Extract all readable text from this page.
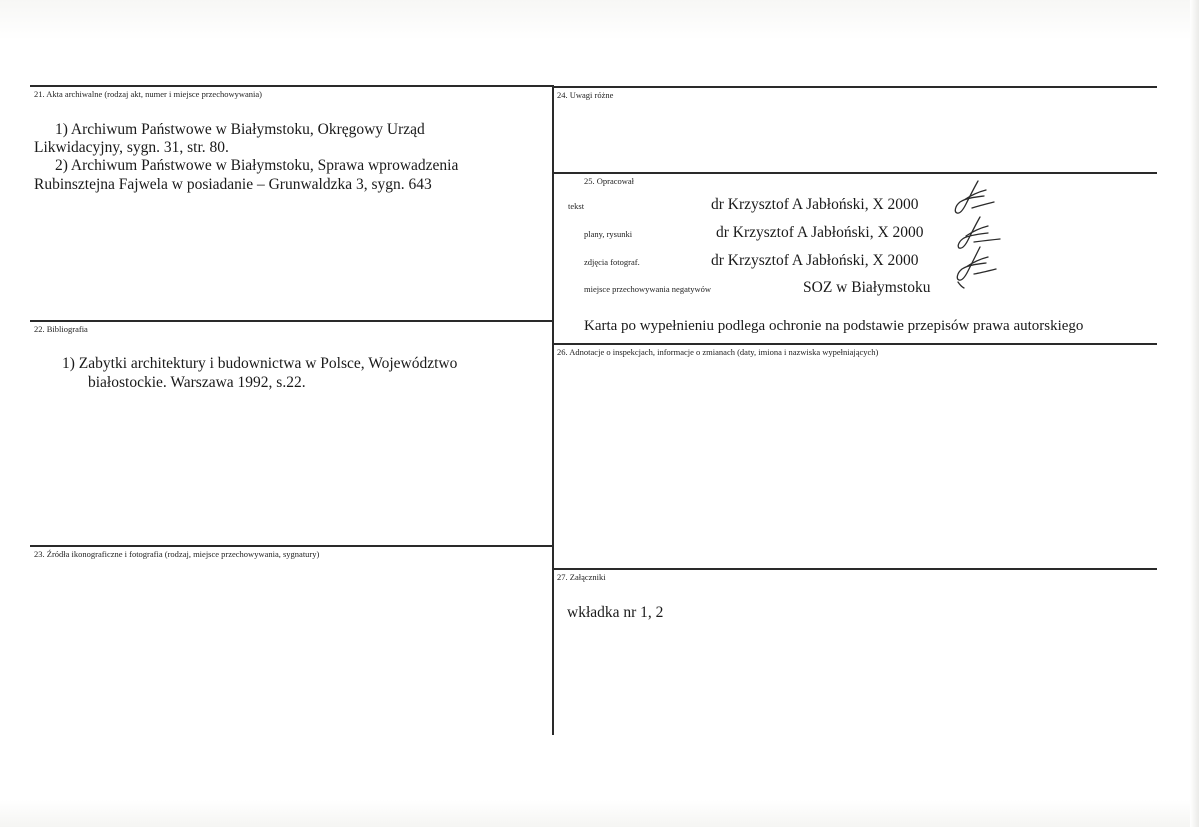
21. Akta archiwalne (rodzaj akt, numer i miejsce przechowywania)
1) Archiwum Państwowe w Białymstoku, Okręgowy Urząd
Likwidacyjny, sygn. 31, str. 80.
2) Archiwum Państwowe w Białymstoku, Sprawa wprowadzenia
Rubinsztejna Fajwela w posiadanie – Grunwaldzka 3, sygn. 643
22. Bibliografia
1) Zabytki architektury i budownictwa w Polsce, Województwo
białostockie. Warszawa 1992, s.22.
23. Źródła ikonograficzne i fotografia (rodzaj, miejsce przechowywania, sygnatury)
24. Uwagi różne
25. Opracował
tekst	dr Krzysztof A Jabłoński, X 2000
plany, rysunki	dr Krzysztof A Jabłoński, X 2000
zdjęcia fotograf.	dr Krzysztof A Jabłoński, X 2000
miejsce przechowywania negatywów	SOZ w Białymstoku
Karta po wypełnieniu podlega ochronie na podstawie przepisów prawa autorskiego
26. Adnotacje o inspekcjach, informacje o zmianach (daty, imiona i nazwiska wypełniających)
27. Załączniki
wkładka nr 1, 2
